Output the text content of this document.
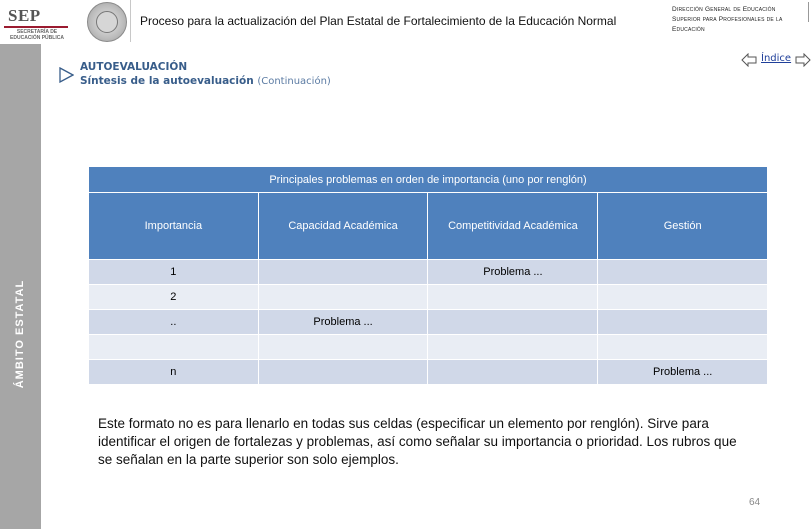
SEP
SECRETARÍA DE EDUCACIÓN PÚBLICA
Proceso para la actualización del Plan Estatal de Fortalecimiento de la Educación Normal
Dirección General de Educación Superior para Profesionales de la Educación
ÁMBITO ESTATAL
AUTOEVALUACIÓN
Síntesis de la autoevaluación (Continuación)
Índice
Principales problemas en orden de importancia (uno por renglón)			
Importancia	Capacidad Académica	Competitividad Académica	Gestión
1		Problema ...	
2			
..	Problema ...		

n			Problema ...
Este formato no es para llenarlo en todas sus celdas (especificar un elemento por renglón). Sirve para identificar el origen de fortalezas y problemas, así como señalar su importancia o prioridad. Los rubros que se señalan en la parte superior son solo ejemplos.
64
